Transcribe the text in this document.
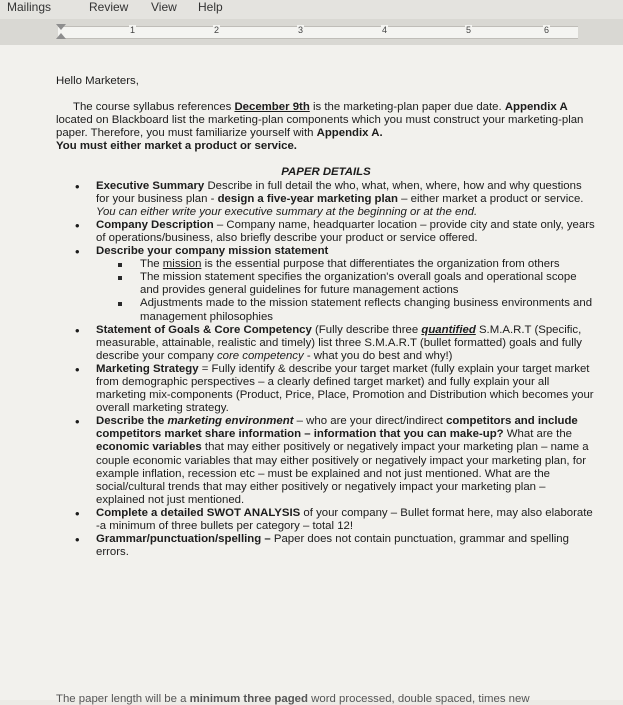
Mailings	Review View Help
1	2	3	4	5	6

Hello Marketers,

The course syllabus references December 9th is the marketing-plan paper due date. Appendix A located on Blackboard list the marketing-plan components which you must construct your marketing-plan paper. Therefore, you must familiarize yourself with Appendix A.

You must either market a product or service.

PAPER DETAILS

• Executive Summary Describe in full detail the who, what, when, where, how and why questions for your business plan - design a five-year marketing plan – either market a product or service. You can either write your executive summary at the beginning or at the end.
• Company Description – Company name, headquarter location – provide city and state only, years of operations/business, also briefly describe your product or service offered.
• Describe your company mission statement
The mission is the essential purpose that differentiates the organization from others
The mission statement specifies the organization's overall goals and operational scope and provides general guidelines for future management actions
Adjustments made to the mission statement reflects changing business environments and management philosophies
• Statement of Goals & Core Competency (Fully describe three quantified S.M.A.R.T (Specific, measurable, attainable, realistic and timely) list three S.M.A.R.T (bullet formatted) goals and fully describe your company core competency - what you do best and why!)
• Marketing Strategy = Fully identify & describe your target market (fully explain your target market from demographic perspectives – a clearly defined target market) and fully explain your all marketing mix-components (Product, Price, Place, Promotion and Distribution which becomes your overall marketing strategy.
• Describe the marketing environment – who are your direct/indirect competitors and include competitors market share information – information that you can make-up? What are the economic variables that may either positively or negatively impact your marketing plan – name a couple economic variables that may either positively or negatively impact your marketing plan, for example inflation, recession etc – must be explained and not just mentioned. What are the social/cultural trends that may either positively or negatively impact your marketing plan – explained not just mentioned.
• Complete a detailed SWOT ANALYSIS of your company – Bullet format here, may also elaborate -a minimum of three bullets per category – total 12!
• Grammar/punctuation/spelling – Paper does not contain punctuation, grammar and spelling errors.
The paper length will be a minimum three paged word processed, double spaced, times new
